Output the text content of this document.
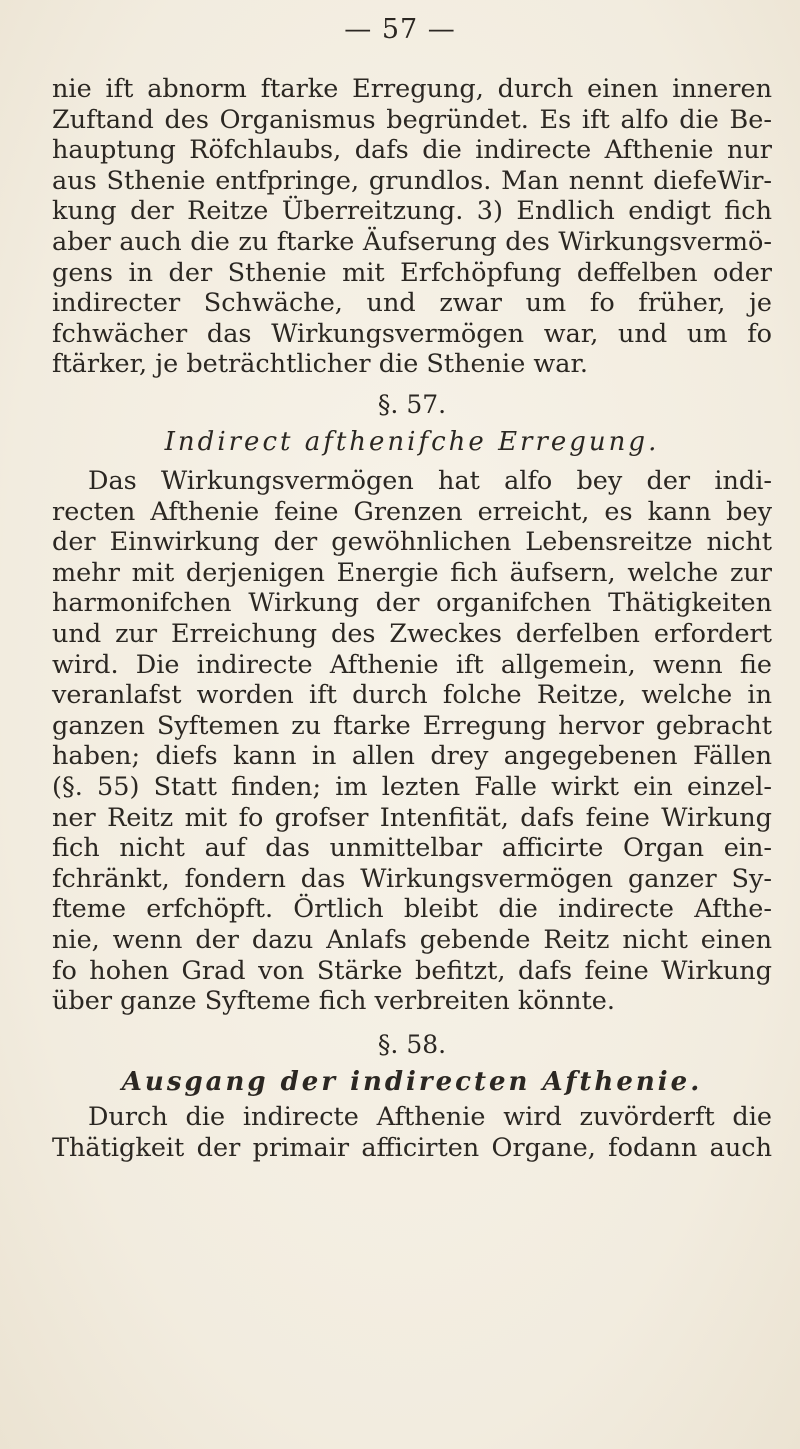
— 57 —
nie ift abnorm ftarke Erregung, durch einen inneren
Zuftand des Organismus begründet. Es ift alfo die Be-
hauptung Röfchlaubs, dafs die indirecte Afthenie nur
aus Sthenie entfpringe, grundlos. Man nennt diefeWir-
kung der Reitze Überreitzung. 3) Endlich endigt fich
aber auch die zu ftarke Äufserung des Wirkungsvermö-
gens in der Sthenie mit Erfchöpfung deffelben oder
indirecter Schwäche, und zwar um fo früher, je
fchwächer das Wirkungsvermögen war, und um fo
ftärker, je beträchtlicher die Sthenie war.
§. 57.
Indirect afthenifche Erregung.
Das Wirkungsvermögen hat alfo bey der indi-
recten Afthenie feine Grenzen erreicht, es kann bey
der Einwirkung der gewöhnlichen Lebensreitze nicht
mehr mit derjenigen Energie fich äufsern, welche zur
harmonifchen Wirkung der organifchen Thätigkeiten
und zur Erreichung des Zweckes derfelben erfordert
wird. Die indirecte Afthenie ift allgemein, wenn fie
veranlafst worden ift durch folche Reitze, welche in
ganzen Syftemen zu ftarke Erregung hervor gebracht
haben; diefs kann in allen drey angegebenen Fällen
(§. 55) Statt finden; im lezten Falle wirkt ein einzel-
ner Reitz mit fo grofser Intenfität, dafs feine Wirkung
fich nicht auf das unmittelbar afficirte Organ ein-
fchränkt, fondern das Wirkungsvermögen ganzer Sy-
fteme erfchöpft. Örtlich bleibt die indirecte Afthe-
nie, wenn der dazu Anlafs gebende Reitz nicht einen
fo hohen Grad von Stärke befitzt, dafs feine Wirkung
über ganze Syfteme fich verbreiten könnte.
§. 58.
Ausgang der indirecten Afthenie.
Durch die indirecte Afthenie wird zuvörderft die
Thätigkeit der primair afficirten Organe, fodann auch
